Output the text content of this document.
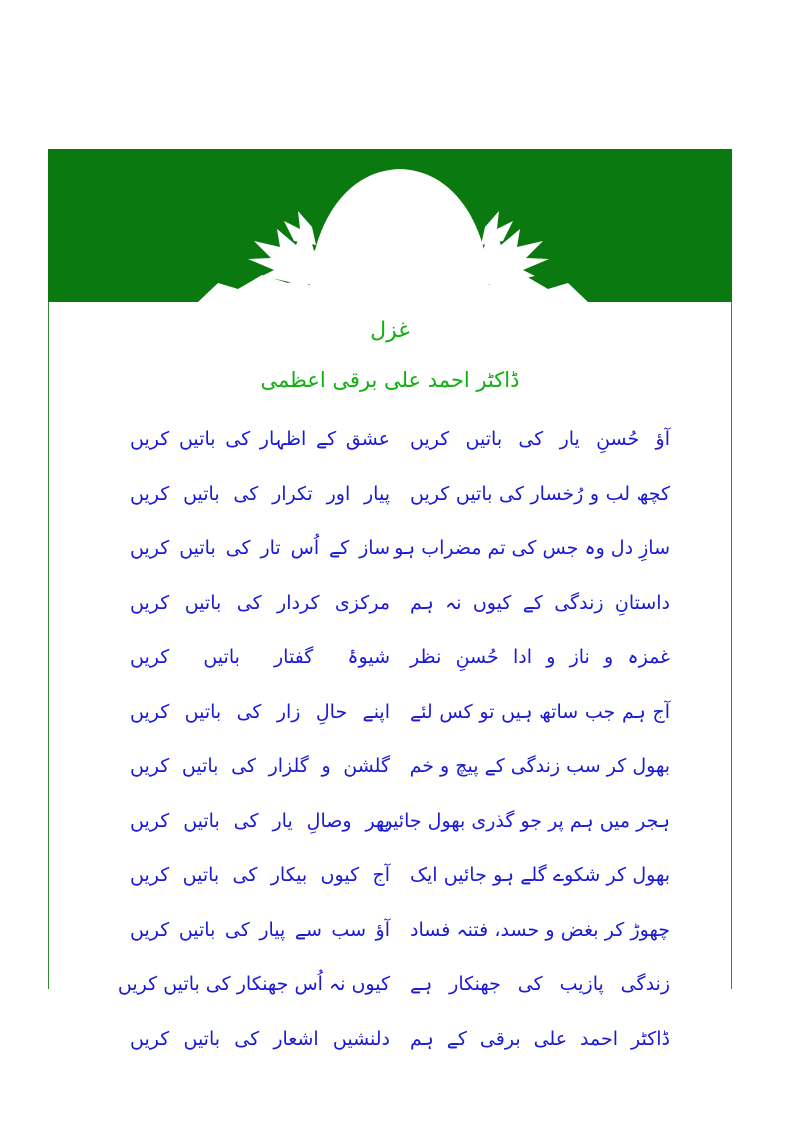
غزل
ڈاکٹر احمد علی برقی اعظمی
آؤ حُسنِ یار کی باتیں کریں
عشق کے اظہار کی باتیں کریں
کچھ لب و رُخسار کی باتیں کریں
پیار اور تکرار کی باتیں کریں
سازِ دل وہ جس کی تم مضراب ہو
ساز کے اُس تار کی باتیں کریں
داستانِ زندگی کے کیوں نہ ہم
مرکزی کردار کی باتیں کریں
غمزہ و ناز و ادا حُسنِ نظر
شیوۂ گفتار باتیں کریں
آج ہم جب ساتھ ہیں تو کس لئے
اپنے حالِ زار کی باتیں کریں
بھول کر سب زندگی کے پیچ و خم
گلشن و گلزار کی باتیں کریں
ہجر میں ہم پر جو گذری بھول جائیں
پھر وصالِ یار کی باتیں کریں
بھول کر شکوے گلے ہو جائیں ایک
آج کیوں بیکار کی باتیں کریں
چھوڑ کر بغض و حسد، فتنہ فساد
آؤ سب سے پیار کی باتیں کریں
زندگی پازیب کی جھنکار ہے
کیوں نہ اُس جھنکار کی باتیں کریں
ڈاکٹر احمد علی برقی کے ہم
دلنشیں اشعار کی باتیں کریں
